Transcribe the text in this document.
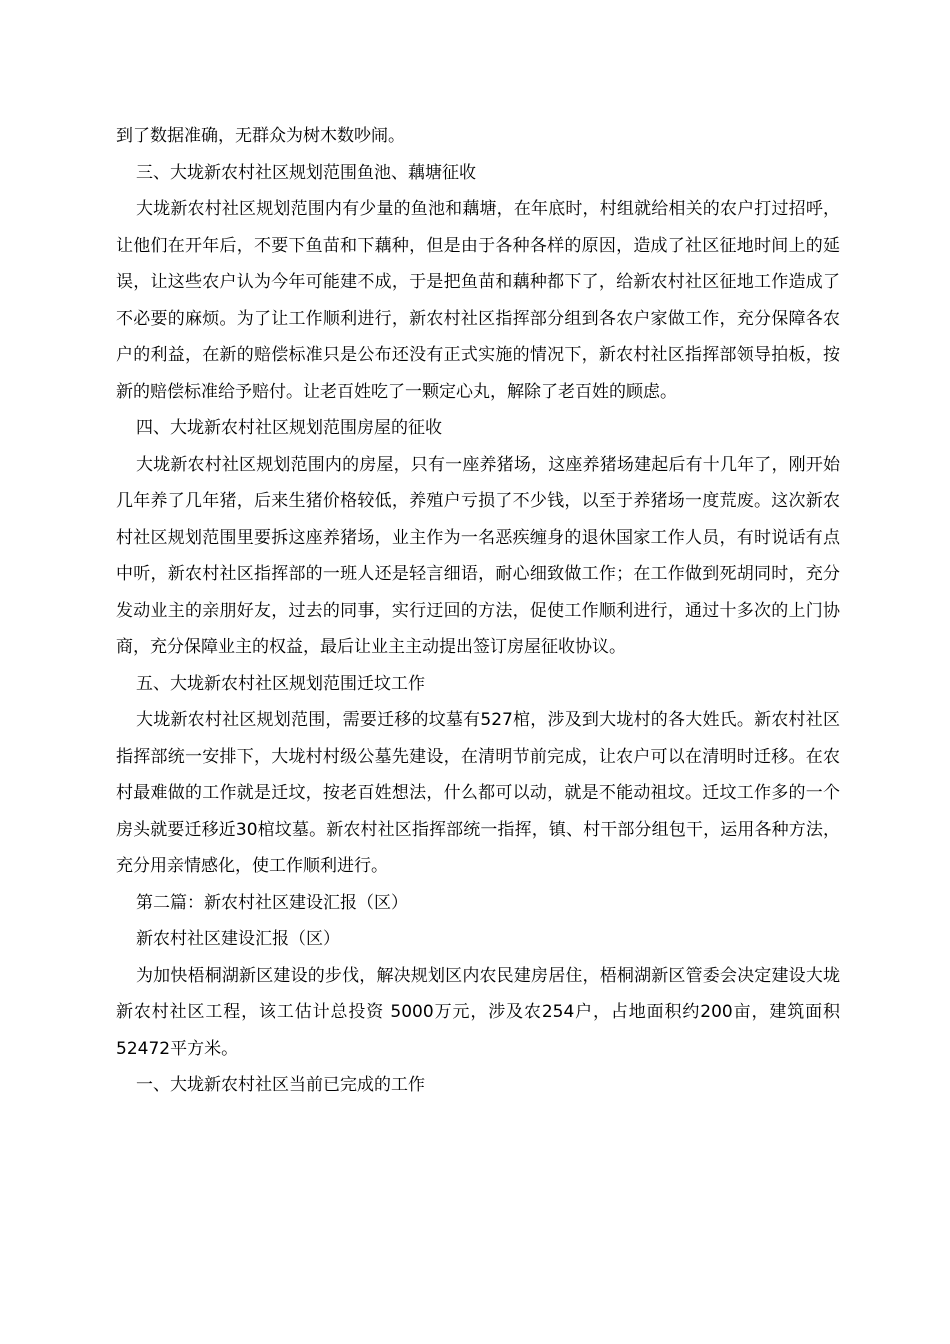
到了数据准确，无群众为树木数吵闹。

三、大垅新农村社区规划范围鱼池、藕塘征收

大垅新农村社区规划范围内有少量的鱼池和藕塘，在年底时，村组就给相关的农户打过招呼，让他们在开年后，不要下鱼苗和下藕种，但是由于各种各样的原因，造成了社区征地时间上的延误，让这些农户认为今年可能建不成，于是把鱼苗和藕种都下了，给新农村社区征地工作造成了不必要的麻烦。为了让工作顺利进行，新农村社区指挥部分组到各农户家做工作，充分保障各农户的利益，在新的赔偿标准只是公布还没有正式实施的情况下，新农村社区指挥部领导拍板，按新的赔偿标准给予赔付。让老百姓吃了一颗定心丸，解除了老百姓的顾虑。

四、大垅新农村社区规划范围房屋的征收

大垅新农村社区规划范围内的房屋，只有一座养猪场，这座养猪场建起后有十几年了，刚开始几年养了几年猪，后来生猪价格较低，养殖户亏损了不少钱，以至于养猪场一度荒废。这次新农村社区规划范围里要拆这座养猪场，业主作为一名恶疾缠身的退休国家工作人员，有时说话有点中听，新农村社区指挥部的一班人还是轻言细语，耐心细致做工作；在工作做到死胡同时，充分发动业主的亲朋好友，过去的同事，实行迂回的方法，促使工作顺利进行，通过十多次的上门协商，充分保障业主的权益，最后让业主主动提出签订房屋征收协议。

五、大垅新农村社区规划范围迁坟工作

大垅新农村社区规划范围，需要迁移的坟墓有527棺，涉及到大垅村的各大姓氏。新农村社区指挥部统一安排下，大垅村村级公墓先建设，在清明节前完成，让农户可以在清明时迁移。在农村最难做的工作就是迁坟，按老百姓想法，什么都可以动，就是不能动祖坟。迁坟工作多的一个房头就要迁移近30棺坟墓。新农村社区指挥部统一指挥，镇、村干部分组包干，运用各种方法，充分用亲情感化，使工作顺利进行。

第二篇：新农村社区建设汇报（区）

新农村社区建设汇报（区）

为加快梧桐湖新区建设的步伐，解决规划区内农民建房居住，梧桐湖新区管委会决定建设大垅新农村社区工程，该工估计总投资 5000万元，涉及农254户，占地面积约200亩，建筑面积52472平方米。

一、大垅新农村社区当前已完成的工作
